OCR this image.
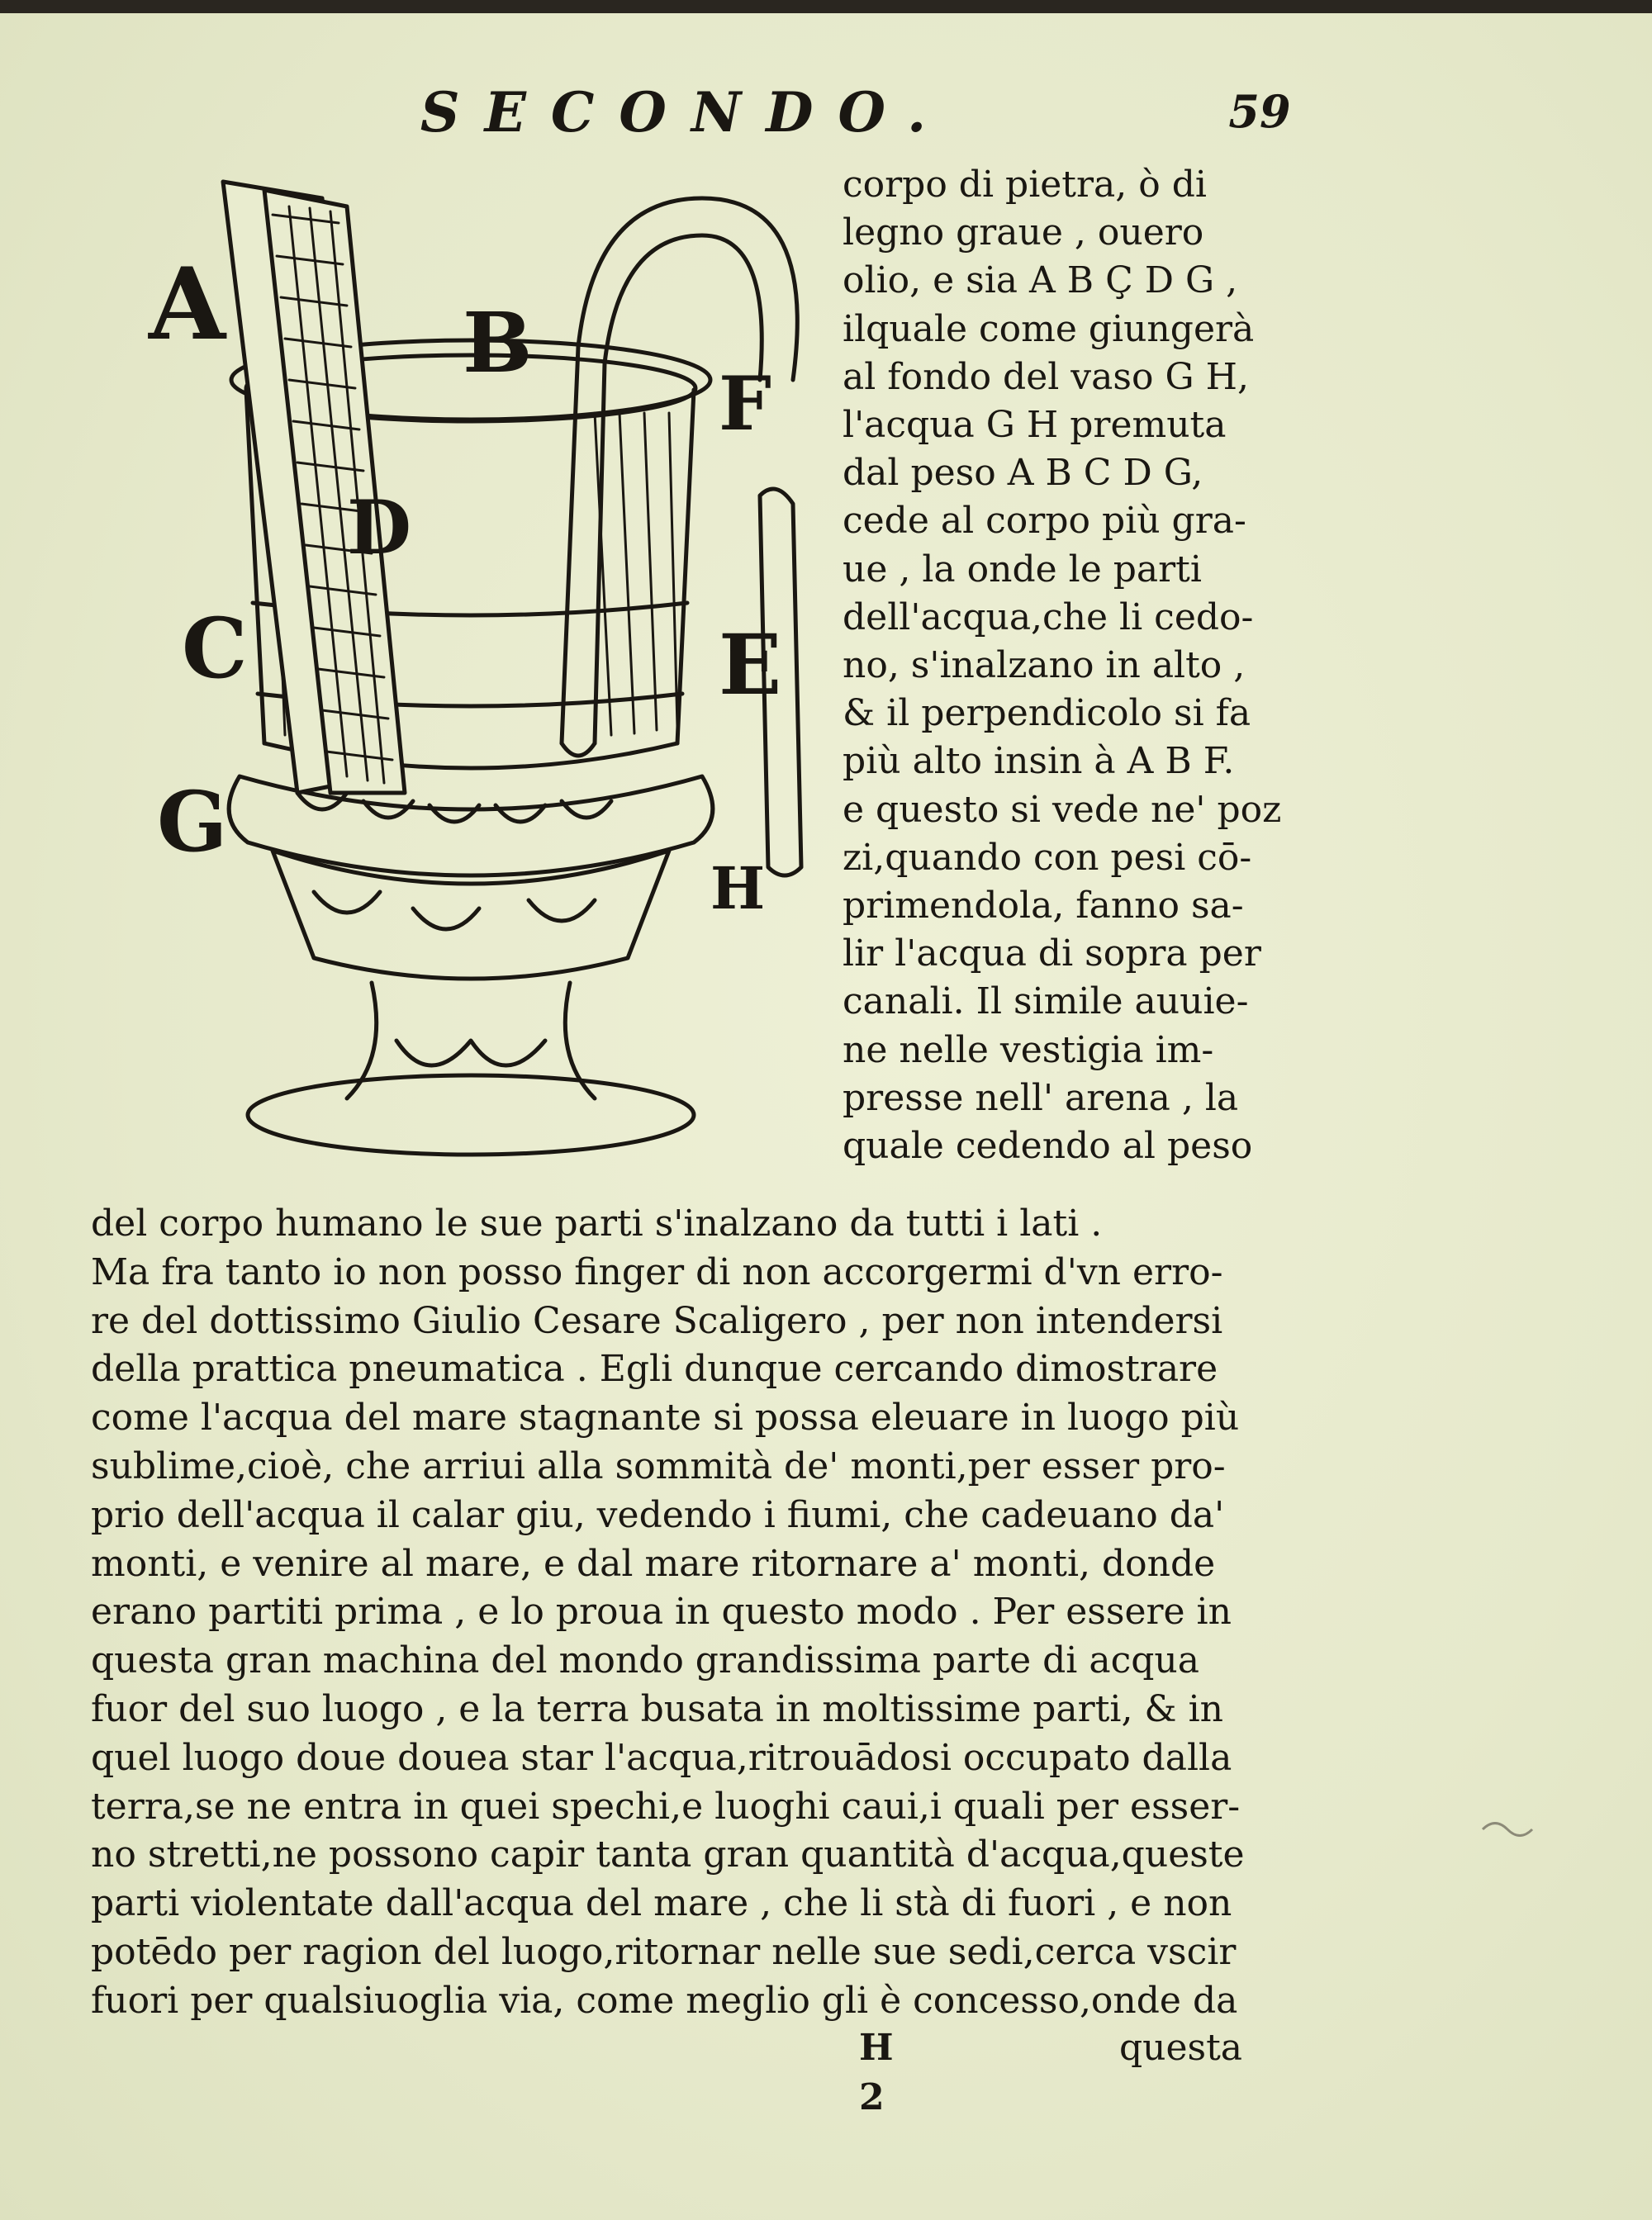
SECONDO.	59
A	B
C
D
E
F
G
H
corpo di pietra, ò di
legno graue , ouero
olio, e sia A B Ç D G ,
ilquale come giungerà
al fondo del vaso G H,
l'acqua G H premuta
dal peso A B C D G,
cede al corpo più gra-
ue , la onde le parti
dell'acqua,che li cedo-
no, s'inalzano in alto ,
& il perpendicolo si fa
più alto insin à A B F.
e questo si vede ne' poz
zi,quando con pesi cō-
primendola, fanno sa-
lir l'acqua di sopra per
canali. Il simile auuie-
ne nelle vestigia im-
presse nell' arena , la
quale cedendo al peso
del corpo humano le sue parti s'inalzano da tutti i lati .
Ma fra tanto io non posso finger di non accorgermi d'vn erro-
re del dottissimo Giulio Cesare Scaligero , per non intendersi
della prattica pneumatica . Egli dunque cercando dimostrare
come l'acqua del mare stagnante si possa eleuare in luogo più
sublime,cioè, che arriui alla sommità de' monti,per esser pro-
prio dell'acqua il calar giu, vedendo i fiumi, che cadeuano da'
monti, e venire al mare, e dal mare ritornare a' monti, donde
erano partiti prima , e lo proua in questo modo . Per essere in
questa gran machina del mondo grandissima parte di acqua
fuor del suo luogo , e la terra busata in moltissime parti, & in
quel luogo doue douea star l'acqua,ritrouādosi occupato dalla
terra,se ne entra in quei spechi,e luoghi caui,i quali per esser-
no stretti,ne possono capir tanta gran quantità d'acqua,queste
parti violentate dall'acqua del mare , che li stà di fuori , e non
potēdo per ragion del luogo,ritornar nelle sue sedi,cerca vscir
fuori per qualsiuoglia via, come meglio gli è concesso,onde da
H 2
questa
